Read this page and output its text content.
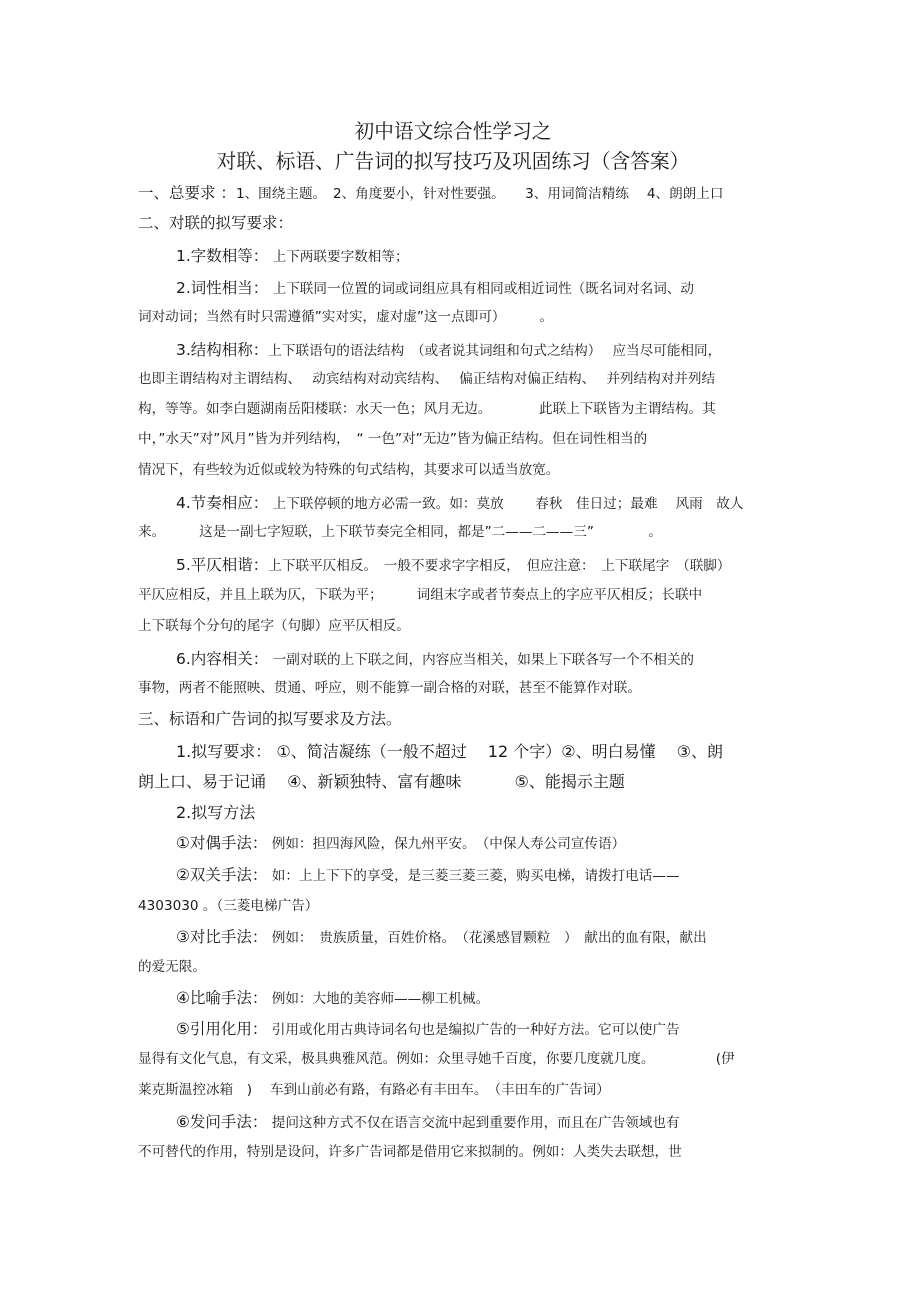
初中语文综合性学习之
对联、标语、广告词的拟写技巧及巩固练习（含答案）
一、总要求 ：1、围绕主题。　2、角度要小，针对性要强。　　3、用词简洁精练　 4、朗朗上口
二、对联的拟写要求：
1.字数相等： 上下两联要字数相等；
2.词性相当： 上下联同一位置的词或词组应具有相同或相近词性（既名词对名词、动
词对动词；当然有时只需遵循”实对实，虚对虚”这一点即可）　　　。
3.结构相称：上下联语句的语法结构　（或者说其词组和句式之结构）　 应当尽可能相同，
也即主谓结构对主谓结构、　 动宾结构对动宾结构、　 偏正结构对偏正结构、　 并列结构对并列结
构，等等。如李白题湖南岳阳楼联：水天一色；风月无边。　　　　此联上下联皆为主谓结构。其
中，”水天”对”风月”皆为并列结构，　“ 一色”对”无边”皆为偏正结构。但在词性相当的
情况下，有些较为近似或较为特殊的句式结构，其要求可以适当放宽。
4.节奏相应： 上下联停顿的地方必需一致。如：莫放　　 春秋　佳日过；最难　 风雨　故人
来。　　　这是一副七字短联，上下联节奏完全相同，都是”二——二——三”　　　　。
5.平仄相谐：上下联平仄相反。　一般不要求字字相反，　但应注意：　上下联尾字　（联脚）
平仄应相反，并且上联为仄，下联为平；　　　词组末字或者节奏点上的字应平仄相反；长联中
上下联每个分句的尾字（句脚）应平仄相反。
6.内容相关： 一副对联的上下联之间，内容应当相关，如果上下联各写一个不相关的
事物，两者不能照映、贯通、呼应，则不能算一副合格的对联，甚至不能算作对联。
三、标语和广告词的拟写要求及方法。
1.拟写要求： ①、简洁凝练（一般不超过　 12 个字）②、明白易懂　 ③、朗
朗上口、易于记诵　 ④、新颖独特、富有趣味　　　 ⑤、能揭示主题
2.拟写方法
①对偶手法： 例如：担四海风险，保九州平安。　（中保人寿公司宣传语）
②双关手法： 如：上上下下的享受，是三菱三菱三菱，购买电梯，请拨打电话——
4303030 。（三菱电梯广告）
③对比手法： 例如：　贵族质量，百姓价格。　（花溪感冒颗粒　）　献出的血有限，献出
的爱无限。
④比喻手法： 例如：大地的美容师——柳工机械。
⑤引用化用： 引用或化用古典诗词名句也是编拟广告的一种好方法。它可以使广告
显得有文化气息，有文采，极具典雅风范。例如：众里寻她千百度，你要几度就几度。　　　　　(伊
莱克斯温控冰箱　)　 车到山前必有路，有路必有丰田车。　（丰田车的广告词）
⑥发问手法： 提问这种方式不仅在语言交流中起到重要作用，而且在广告领域也有
不可替代的作用，特别是设问，许多广告词都是借用它来拟制的。例如：人类失去联想，世
